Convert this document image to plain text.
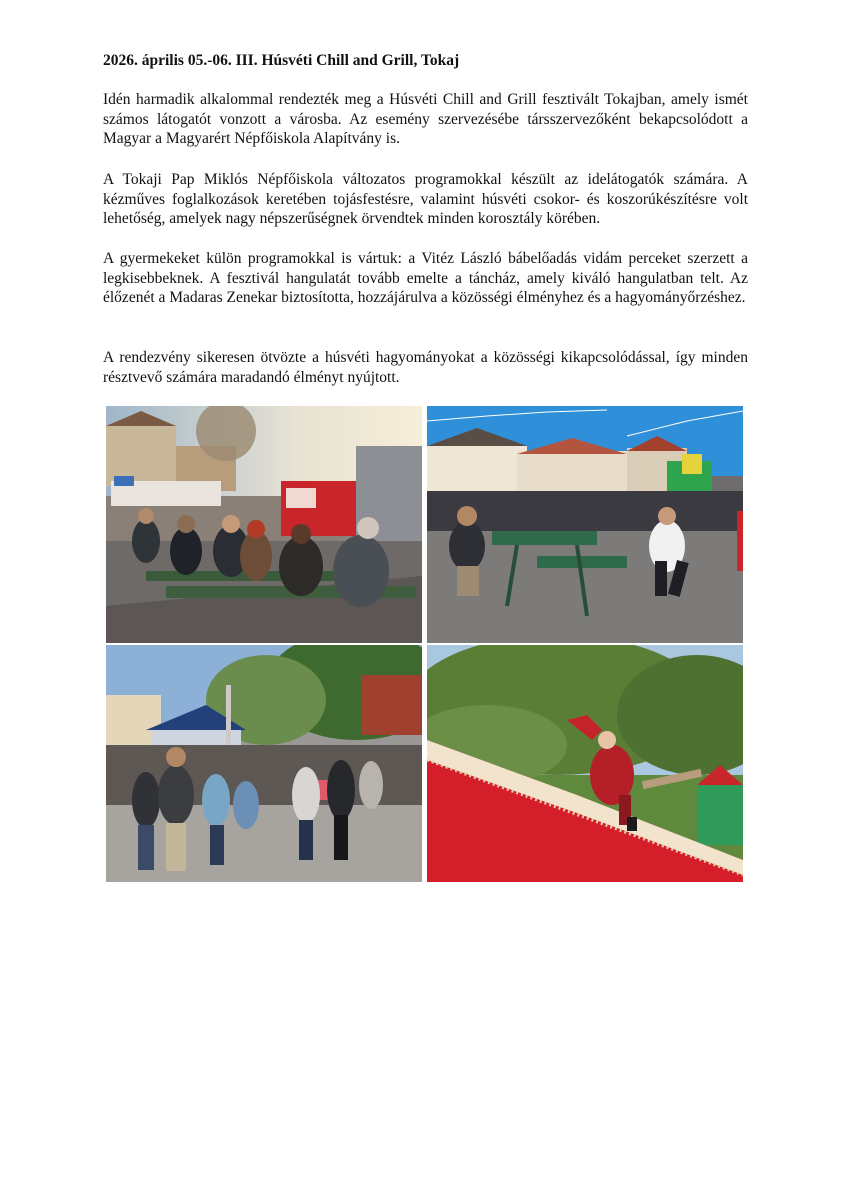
2026. április 05.-06. III. Húsvéti Chill and Grill, Tokaj

Idén harmadik alkalommal rendezték meg a Húsvéti Chill and Grill fesztivált Tokajban, amely ismét számos látogatót vonzott a városba. Az esemény szervezésébe társszervezőként bekapcsolódott a Magyar a Magyarért Népfőiskola Alapítvány is.

A Tokaji Pap Miklós Népfőiskola változatos programokkal készült az idelátogatók számára. A kézműves foglalkozások keretében tojásfestésre, valamint húsvéti csokor- és koszorúkészítésre volt lehetőség, amelyek nagy népszerűségnek örvendtek minden korosztály körében.

A gyermekeket külön programokkal is vártuk: a Vitéz László bábelőadás vidám perceket szerzett a legkisebbeknek. A fesztivál hangulatát tovább emelte a táncház, amely kiváló hangulatban telt. Az élőzenét a Madaras Zenekar biztosította, hozzájárulva a közösségi élményhez és a hagyományőrzéshez.

A rendezvény sikeresen ötvözte a húsvéti hagyományokat a közösségi kikapcsolódással, így minden résztvevő számára maradandó élményt nyújtott.
